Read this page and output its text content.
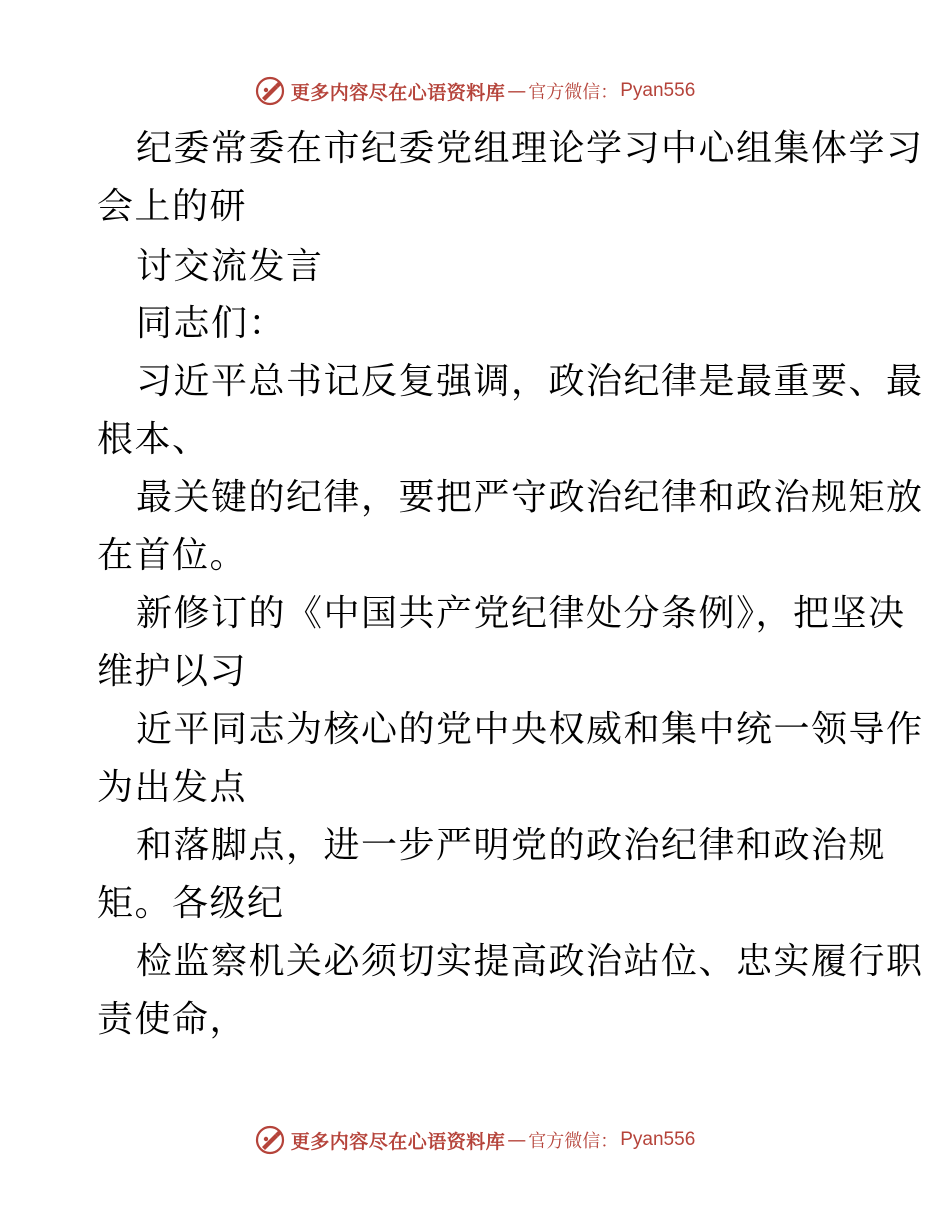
更多内容尽在心语资料库 — 官方微信： Pyan556
纪委常委在市纪委党组理论学习中心组集体学习
会上的研
讨交流发言
同志们：
习近平总书记反复强调，政治纪律是最重要、最
根本、
最关键的纪律，要把严守政治纪律和政治规矩放
在首位。
新修订的《中国共产党纪律处分条例》，把坚决
维护以习
近平同志为核心的党中央权威和集中统一领导作
为出发点
和落脚点，进一步严明党的政治纪律和政治规
矩。各级纪
检监察机关必须切实提高政治站位、忠实履行职
责使命，
更多内容尽在心语资料库 — 官方微信： Pyan556
